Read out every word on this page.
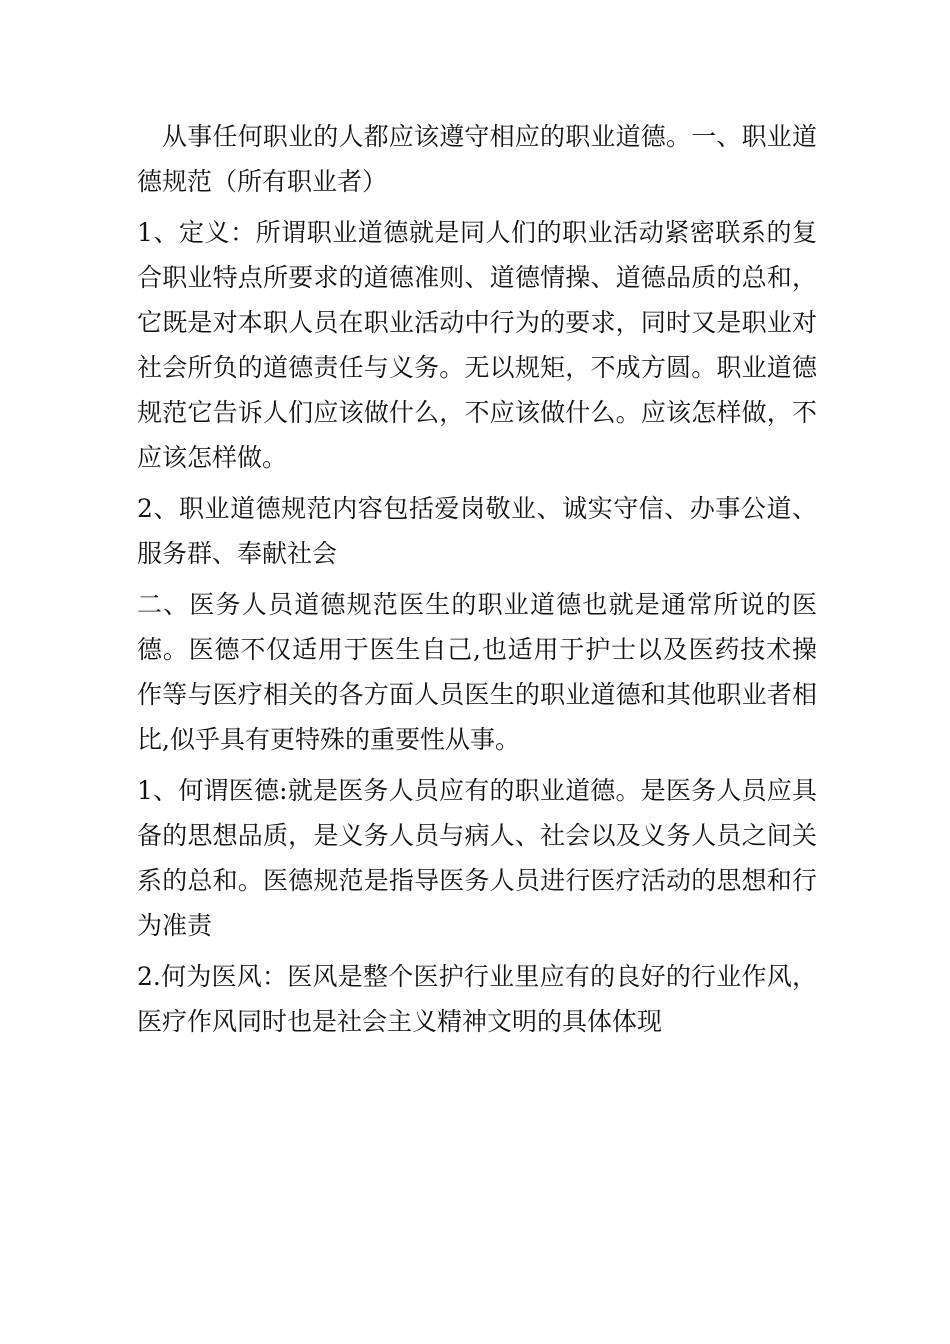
从事任何职业的人都应该遵守相应的职业道德。一、职业道德规范（所有职业者）

1、定义：所谓职业道德就是同人们的职业活动紧密联系的复合职业特点所要求的道德准则、道德情操、道德品质的总和，它既是对本职人员在职业活动中行为的要求，同时又是职业对社会所负的道德责任与义务。无以规矩，不成方圆。职业道德规范它告诉人们应该做什么，不应该做什么。应该怎样做，不应该怎样做。

2、职业道德规范内容包括爱岗敬业、诚实守信、办事公道、服务群、奉献社会

二、医务人员道德规范医生的职业道德也就是通常所说的医德。医德不仅适用于医生自己,也适用于护士以及医药技术操作等与医疗相关的各方面人员医生的职业道德和其他职业者相比,似乎具有更特殊的重要性从事。

1、何谓医德:就是医务人员应有的职业道德。是医务人员应具备的思想品质，是义务人员与病人、社会以及义务人员之间关系的总和。医德规范是指导医务人员进行医疗活动的思想和行为准责

2.何为医风：医风是整个医护行业里应有的良好的行业作风，医疗作风同时也是社会主义精神文明的具体体现
